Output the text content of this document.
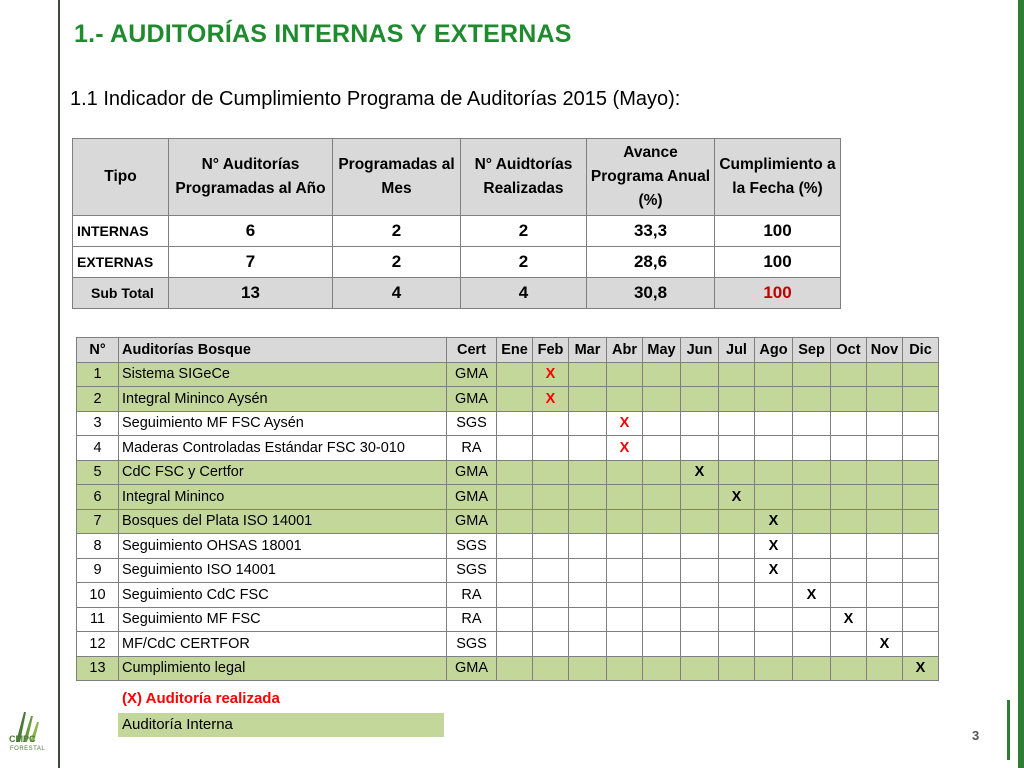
1.- AUDITORÍAS INTERNAS Y EXTERNAS
1.1 Indicador de Cumplimiento Programa de Auditorías 2015 (Mayo):
Tipo	N° Auditorías Programadas al Año	Programadas al Mes	N° Auidtorías Realizadas	Avance Programa Anual (%)	Cumplimiento a la Fecha (%)
INTERNAS	6	2	2	33,3	100
EXTERNAS	7	2	2	28,6	100
Sub Total	13	4	4	30,8	100
N°	Auditorías Bosque	Cert	Ene	Feb	Mar	Abr	May	Jun	Jul	Ago	Sep	Oct	Nov	Dic
1	Sistema SIGeCe	GMA		X										
2	Integral Mininco Aysén	GMA		X										
3	Seguimiento MF FSC Aysén	SGS				X								
4	Maderas Controladas Estándar FSC 30-010	RA				X								
5	CdC FSC y Certfor	GMA						X						
6	Integral Mininco	GMA							X					
7	Bosques del Plata ISO 14001	GMA								X				
8	Seguimiento OHSAS 18001	SGS								X				
9	Seguimiento ISO 14001	SGS								X				
10	Seguimiento CdC FSC	RA									X			
11	Seguimiento MF FSC	RA										X		
12	MF/CdC CERTFOR	SGS											X	
13	Cumplimiento legal	GMA												X
(X) Auditoría realizada
Auditoría Interna
CMPC
FORESTAL
3
